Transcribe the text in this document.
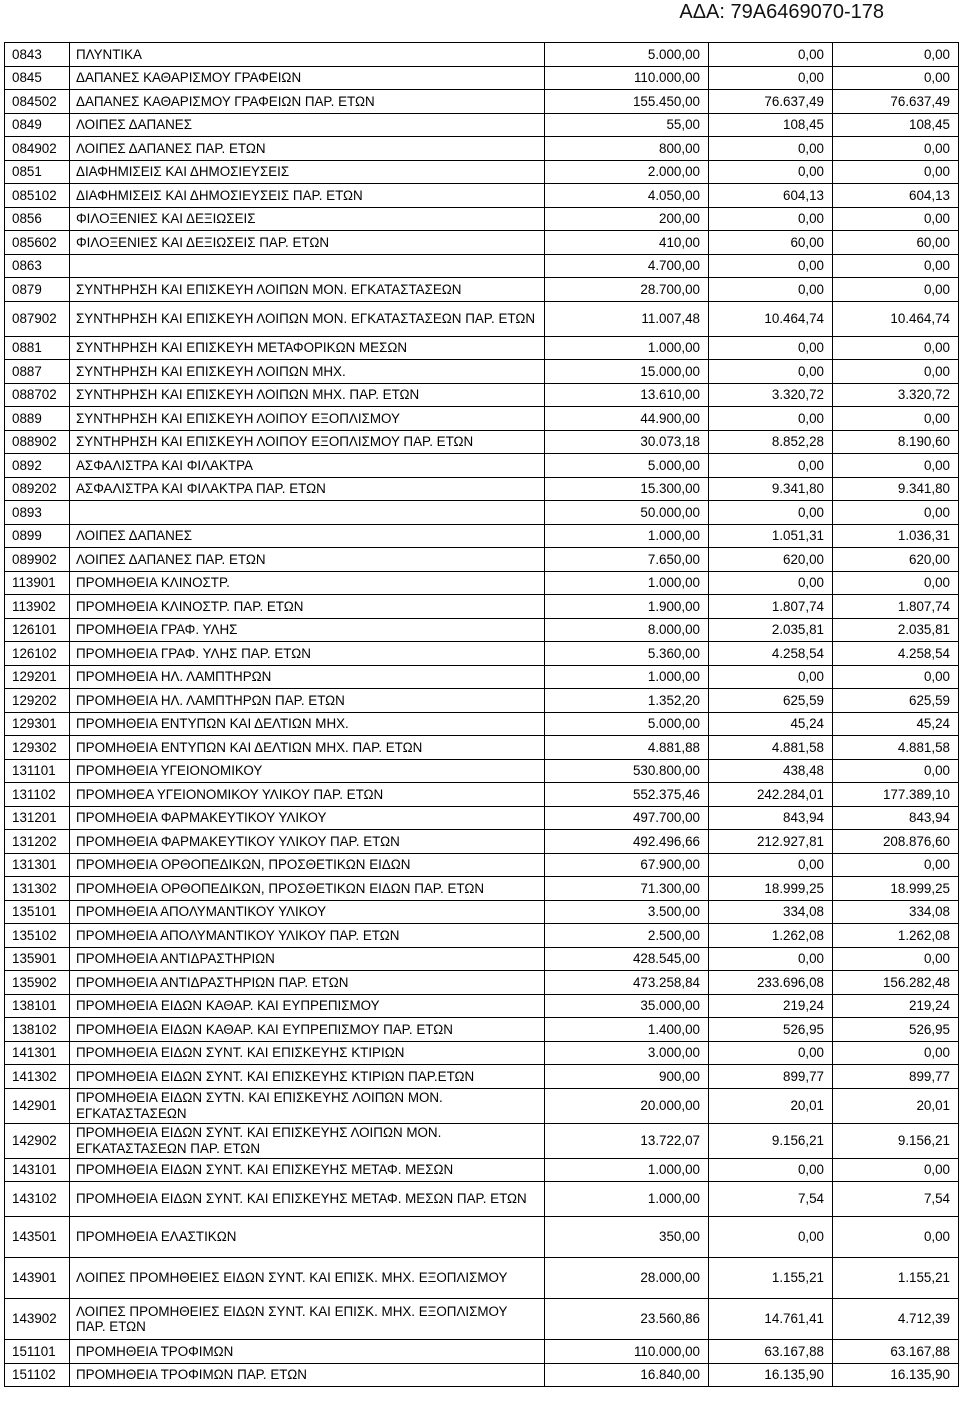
ΑΔΑ: 79Α6469070-178
0843	ΠΛΥΝΤΙΚΑ	5.000,00	0,00	0,00
0845	ΔΑΠΑΝΕΣ ΚΑΘΑΡΙΣΜΟΥ ΓΡΑΦΕΙΩΝ	110.000,00	0,00	0,00
084502	ΔΑΠΑΝΕΣ ΚΑΘΑΡΙΣΜΟΥ ΓΡΑΦΕΙΩΝ ΠΑΡ. ΕΤΩΝ	155.450,00	76.637,49	76.637,49
0849	ΛΟΙΠΕΣ ΔΑΠΑΝΕΣ	55,00	108,45	108,45
084902	ΛΟΙΠΕΣ ΔΑΠΑΝΕΣ ΠΑΡ. ΕΤΩΝ	800,00	0,00	0,00
0851	ΔΙΑΦΗΜΙΣΕΙΣ ΚΑΙ ΔΗΜΟΣΙΕΥΣΕΙΣ	2.000,00	0,00	0,00
085102	ΔΙΑΦΗΜΙΣΕΙΣ ΚΑΙ ΔΗΜΟΣΙΕΥΣΕΙΣ ΠΑΡ. ΕΤΩΝ	4.050,00	604,13	604,13
0856	ΦΙΛΟΞΕΝΙΕΣ ΚΑΙ ΔΕΞΙΩΣΕΙΣ	200,00	0,00	0,00
085602	ΦΙΛΟΞΕΝΙΕΣ ΚΑΙ ΔΕΞΙΩΣΕΙΣ ΠΑΡ. ΕΤΩΝ	410,00	60,00	60,00
0863		4.700,00	0,00	0,00
0879	ΣΥΝΤΗΡΗΣΗ ΚΑΙ ΕΠΙΣΚΕΥΗ ΛΟΙΠΩΝ ΜΟΝ. ΕΓΚΑΤΑΣΤΑΣΕΩΝ	28.700,00	0,00	0,00
087902	ΣΥΝΤΗΡΗΣΗ ΚΑΙ ΕΠΙΣΚΕΥΗ ΛΟΙΠΩΝ ΜΟΝ. ΕΓΚΑΤΑΣΤΑΣΕΩΝ ΠΑΡ. ΕΤΩΝ	11.007,48	10.464,74	10.464,74
0881	ΣΥΝΤΗΡΗΣΗ ΚΑΙ ΕΠΙΣΚΕΥΗ ΜΕΤΑΦΟΡΙΚΩΝ ΜΕΣΩΝ	1.000,00	0,00	0,00
0887	ΣΥΝΤΗΡΗΣΗ ΚΑΙ ΕΠΙΣΚΕΥΗ ΛΟΙΠΩΝ ΜΗΧ.	15.000,00	0,00	0,00
088702	ΣΥΝΤΗΡΗΣΗ ΚΑΙ ΕΠΙΣΚΕΥΗ ΛΟΙΠΩΝ ΜΗΧ. ΠΑΡ. ΕΤΩΝ	13.610,00	3.320,72	3.320,72
0889	ΣΥΝΤΗΡΗΣΗ ΚΑΙ ΕΠΙΣΚΕΥΗ ΛΟΙΠΟΥ ΕΞΟΠΛΙΣΜΟΥ	44.900,00	0,00	0,00
088902	ΣΥΝΤΗΡΗΣΗ ΚΑΙ ΕΠΙΣΚΕΥΗ ΛΟΙΠΟΥ ΕΞΟΠΛΙΣΜΟΥ ΠΑΡ. ΕΤΩΝ	30.073,18	8.852,28	8.190,60
0892	ΑΣΦΑΛΙΣΤΡΑ ΚΑΙ ΦΙΛΑΚΤΡΑ	5.000,00	0,00	0,00
089202	ΑΣΦΑΛΙΣΤΡΑ ΚΑΙ ΦΙΛΑΚΤΡΑ ΠΑΡ. ΕΤΩΝ	15.300,00	9.341,80	9.341,80
0893		50.000,00	0,00	0,00
0899	ΛΟΙΠΕΣ ΔΑΠΑΝΕΣ	1.000,00	1.051,31	1.036,31
089902	ΛΟΙΠΕΣ ΔΑΠΑΝΕΣ ΠΑΡ. ΕΤΩΝ	7.650,00	620,00	620,00
113901	ΠΡΟΜΗΘΕΙΑ ΚΛΙΝΟΣΤΡ.	1.000,00	0,00	0,00
113902	ΠΡΟΜΗΘΕΙΑ ΚΛΙΝΟΣΤΡ. ΠΑΡ. ΕΤΩΝ	1.900,00	1.807,74	1.807,74
126101	ΠΡΟΜΗΘΕΙΑ ΓΡΑΦ. ΥΛΗΣ	8.000,00	2.035,81	2.035,81
126102	ΠΡΟΜΗΘΕΙΑ ΓΡΑΦ. ΥΛΗΣ ΠΑΡ. ΕΤΩΝ	5.360,00	4.258,54	4.258,54
129201	ΠΡΟΜΗΘΕΙΑ ΗΛ. ΛΑΜΠΤΗΡΩΝ	1.000,00	0,00	0,00
129202	ΠΡΟΜΗΘΕΙΑ ΗΛ. ΛΑΜΠΤΗΡΩΝ ΠΑΡ. ΕΤΩΝ	1.352,20	625,59	625,59
129301	ΠΡΟΜΗΘΕΙΑ ΕΝΤΥΠΩΝ ΚΑΙ ΔΕΛΤΙΩΝ ΜΗΧ.	5.000,00	45,24	45,24
129302	ΠΡΟΜΗΘΕΙΑ ΕΝΤΥΠΩΝ ΚΑΙ ΔΕΛΤΙΩΝ ΜΗΧ. ΠΑΡ. ΕΤΩΝ	4.881,88	4.881,58	4.881,58
131101	ΠΡΟΜΗΘΕΙΑ ΥΓΕΙΟΝΟΜΙΚΟΥ	530.800,00	438,48	0,00
131102	ΠΡΟΜΗΘΕΑ ΥΓΕΙΟΝΟΜΙΚΟΥ ΥΛΙΚΟΥ ΠΑΡ. ΕΤΩΝ	552.375,46	242.284,01	177.389,10
131201	ΠΡΟΜΗΘΕΙΑ ΦΑΡΜΑΚΕΥΤΙΚΟΥ ΥΛΙΚΟΥ	497.700,00	843,94	843,94
131202	ΠΡΟΜΗΘΕΙΑ ΦΑΡΜΑΚΕΥΤΙΚΟΥ ΥΛΙΚΟΥ ΠΑΡ. ΕΤΩΝ	492.496,66	212.927,81	208.876,60
131301	ΠΡΟΜΗΘΕΙΑ ΟΡΘΟΠΕΔΙΚΩΝ, ΠΡΟΣΘΕΤΙΚΩΝ ΕΙΔΩΝ	67.900,00	0,00	0,00
131302	ΠΡΟΜΗΘΕΙΑ ΟΡΘΟΠΕΔΙΚΩΝ, ΠΡΟΣΘΕΤΙΚΩΝ ΕΙΔΩΝ ΠΑΡ. ΕΤΩΝ	71.300,00	18.999,25	18.999,25
135101	ΠΡΟΜΗΘΕΙΑ ΑΠΟΛΥΜΑΝΤΙΚΟΥ ΥΛΙΚΟΥ	3.500,00	334,08	334,08
135102	ΠΡΟΜΗΘΕΙΑ ΑΠΟΛΥΜΑΝΤΙΚΟΥ ΥΛΙΚΟΥ ΠΑΡ. ΕΤΩΝ	2.500,00	1.262,08	1.262,08
135901	ΠΡΟΜΗΘΕΙΑ ΑΝΤΙΔΡΑΣΤΗΡΙΩΝ	428.545,00	0,00	0,00
135902	ΠΡΟΜΗΘΕΙΑ ΑΝΤΙΔΡΑΣΤΗΡΙΩΝ ΠΑΡ. ΕΤΩΝ	473.258,84	233.696,08	156.282,48
138101	ΠΡΟΜΗΘΕΙΑ ΕΙΔΩΝ ΚΑΘΑΡ. ΚΑΙ ΕΥΠΡΕΠΙΣΜΟΥ	35.000,00	219,24	219,24
138102	ΠΡΟΜΗΘΕΙΑ ΕΙΔΩΝ ΚΑΘΑΡ. ΚΑΙ ΕΥΠΡΕΠΙΣΜΟΥ ΠΑΡ. ΕΤΩΝ	1.400,00	526,95	526,95
141301	ΠΡΟΜΗΘΕΙΑ ΕΙΔΩΝ ΣΥΝΤ. ΚΑΙ ΕΠΙΣΚΕΥΗΣ ΚΤΙΡΙΩΝ	3.000,00	0,00	0,00
141302	ΠΡΟΜΗΘΕΙΑ ΕΙΔΩΝ ΣΥΝΤ. ΚΑΙ ΕΠΙΣΚΕΥΗΣ ΚΤΙΡΙΩΝ ΠΑΡ.ΕΤΩΝ	900,00	899,77	899,77
142901	ΠΡΟΜΗΘΕΙΑ ΕΙΔΩΝ ΣΥΤΝ. ΚΑΙ ΕΠΙΣΚΕΥΗΣ ΛΟΙΠΩΝ ΜΟΝ. ΕΓΚΑΤΑΣΤΑΣΕΩΝ	20.000,00	20,01	20,01
142902	ΠΡΟΜΗΘΕΙΑ ΕΙΔΩΝ ΣΥΝΤ. ΚΑΙ ΕΠΙΣΚΕΥΗΣ ΛΟΙΠΩΝ ΜΟΝ. ΕΓΚΑΤΑΣΤΑΣΕΩΝ ΠΑΡ. ΕΤΩΝ	13.722,07	9.156,21	9.156,21
143101	ΠΡΟΜΗΘΕΙΑ ΕΙΔΩΝ ΣΥΝΤ. ΚΑΙ ΕΠΙΣΚΕΥΗΣ ΜΕΤΑΦ. ΜΕΣΩΝ	1.000,00	0,00	0,00
143102	ΠΡΟΜΗΘΕΙΑ ΕΙΔΩΝ ΣΥΝΤ. ΚΑΙ ΕΠΙΣΚΕΥΗΣ ΜΕΤΑΦ. ΜΕΣΩΝ ΠΑΡ. ΕΤΩΝ	1.000,00	7,54	7,54
143501	ΠΡΟΜΗΘΕΙΑ ΕΛΑΣΤΙΚΩΝ	350,00	0,00	0,00
143901	ΛΟΙΠΕΣ ΠΡΟΜΗΘΕΙΕΣ ΕΙΔΩΝ ΣΥΝΤ. ΚΑΙ ΕΠΙΣΚ. ΜΗΧ. ΕΞΟΠΛΙΣΜΟΥ	28.000,00	1.155,21	1.155,21
143902	ΛΟΙΠΕΣ ΠΡΟΜΗΘΕΙΕΣ ΕΙΔΩΝ ΣΥΝΤ. ΚΑΙ ΕΠΙΣΚ. ΜΗΧ. ΕΞΟΠΛΙΣΜΟΥ ΠΑΡ. ΕΤΩΝ	23.560,86	14.761,41	4.712,39
151101	ΠΡΟΜΗΘΕΙΑ ΤΡΟΦΙΜΩΝ	110.000,00	63.167,88	63.167,88
151102	ΠΡΟΜΗΘΕΙΑ ΤΡΟΦΙΜΩΝ ΠΑΡ. ΕΤΩΝ	16.840,00	16.135,90	16.135,90
